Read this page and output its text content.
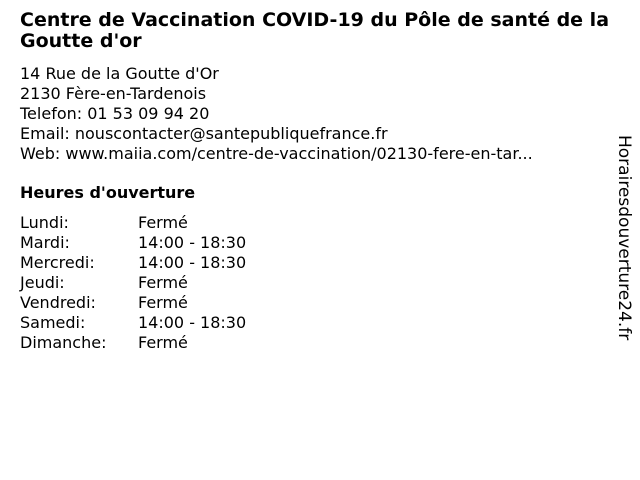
Centre de Vaccination COVID-19 du Pôle de santé de la Goutte d'or
14 Rue de la Goutte d'Or
2130 Fère-en-Tardenois
Telefon: 01 53 09 94 20
Email: nouscontacter@santepubliquefrance.fr
Web: www.maiia.com/centre-de-vaccination/02130-fere-en-tar...
Heures d'ouverture
Lundi:	Fermé
Mardi:	14:00 - 18:30
Mercredi:	14:00 - 18:30
Jeudi:	Fermé
Vendredi:	Fermé
Samedi:	14:00 - 18:30
Dimanche:	Fermé
Horairesdouverture24.fr
